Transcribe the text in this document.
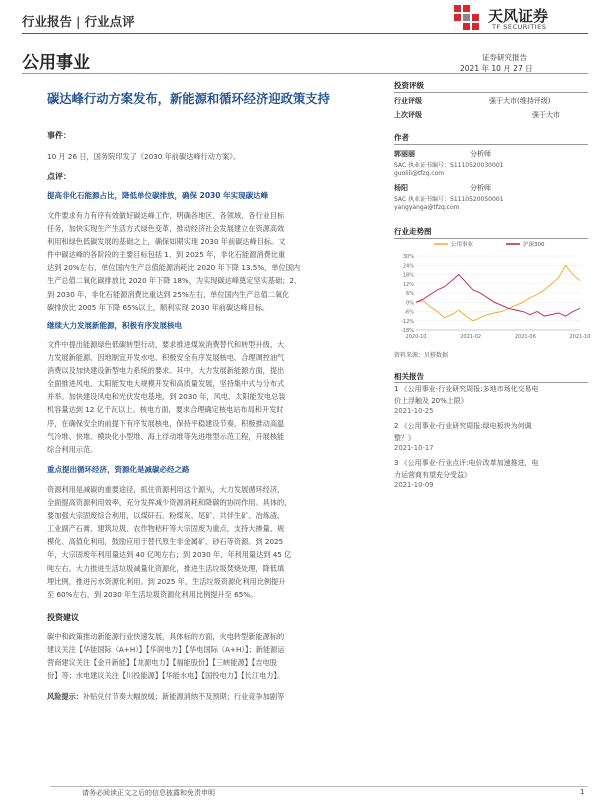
行业报告 | 行业点评	天风证券
TF SECURITIES
公用事业	证券研究报告
2021 年 10 月 27 日
碳达峰行动方案发布，新能源和循环经济迎政策支持
事件：
10 月 26 日，国务院印发了《2030 年前碳达峰行动方案》。
点评：
提高非化石能源占比，降低单位碳排放，确保 2030 年实现碳达峰
文件要求有力有序有效做好碳达峰工作，明确各地区、各领域、各行业目标
任务，加快实现生产生活方式绿色变革，推动经济社会发展建立在资源高效
利用和绿色低碳发展的基础之上，确保如期实现 2030 年前碳达峰目标。文
件中碳达峰的各阶段的主要目标包括 1、到 2025 年，非化石能源消费比重
达到 20%左右，单位国内生产总值能源消耗比 2020 年下降 13.5%，单位国内
生产总值二氧化碳排放比 2020 年下降 18%，为实现碳达峰奠定坚实基础；2、
到 2030 年，非化石能源消费比重达到 25%左右，单位国内生产总值二氧化
碳排放比 2005 年下降 65%以上，顺利实现 2030 年前碳达峰目标。
继续大力发展新能源，积极有序发展核电
文件中提出能源绿色低碳转型行动，要求推进煤炭消费替代和转型升级、大
力发展新能源、因地制宜开发水电、积极安全有序发展核电、合理调控油气
消费以及加快建设新型电力系统的要求。其中，大力发展新能源方面，提出
全面推进风电、太阳能发电大规模开发和高质量发展，坚持集中式与分布式
并举。加快建设风电和光伏发电基地，到 2030 年，风电、太阳能发电总装
机容量达到 12 亿千瓦以上。核电方面，要求合理确定核电站布局和开发时
序，在确保安全的前提下有序发展核电，保持平稳建设节奏，积极推动高温
气冷堆、快堆、模块化小型堆、海上浮动堆等先进堆型示范工程，开展核能
综合利用示范。
重点提出循环经济，资源化是减碳必经之路
资源利用是减碳的重要途径，抓住资源利用这个源头，大力发展循环经济，
全面提高资源利用效率，充分发挥减少资源消耗和降碳的协同作用。具体的，
要加强大宗固废综合利用，以煤矸石、粉煤灰、尾矿、共伴生矿、冶炼渣、
工业副产石膏、建筑垃圾、农作物秸秆等大宗固废为重点，支持大掺量、规
模化、高值化利用，鼓励应用于替代原生非金属矿、砂石等资源。到 2025
年，大宗固废年利用量达到 40 亿吨左右；到 2030 年，年利用量达到 45 亿
吨左右。大力推进生活垃圾减量化资源化，推进生活垃圾焚烧处理，降低填
埋比例，推进污水资源化利用。到 2025 年，生活垃圾资源化利用比例提升
至 60%左右，到 2030 年生活垃圾资源化利用比例提升至 65%。
投资建议
碳中和政策推动新能源行业快速发展，具体标的方面，火电转型新能源标的
建议关注【华能国际（A+H）】【华润电力】【华电国际（A+H）】；新能源运
营商建议关注【金开新能】【龙源电力】【福能股份】【三峡能源】【吉电股
份】等；水电建议关注【川投能源】【华能水电】【国投电力】【长江电力】。
风险提示：补贴兑付节奏大幅放缓；新能源消纳不及预期；行业竞争加剧等
投资评级
行业评级	强于大市(维持评级)
上次评级	强于大市
作者
郭丽丽	分析师
SAC 执业证书编号：S1110520030001
guolili@tfzq.com
杨阳	分析师
SAC 执业证书编号：S1110520050001
yangyanga@tfzq.com
行业走势图
30%
24%
18%
12%
6%
0%
-6%
-12%
-18%
2020-10	2021-02	2021-06	2021-10
公用事业	沪深300
资料来源：贝格数据
相关报告
1 《公用事业-行业研究周报:多地市场化交易电价上浮触及 20%上限》
2021-10-25
2 《公用事业-行业研究周报:绿电板块为何调整？》
2021-10-17
3 《公用事业-行业点评:电价改革加速推进，电力运营商有望充分受益》
2021-10-09
请务必阅读正文之后的信息披露和免责申明	1
